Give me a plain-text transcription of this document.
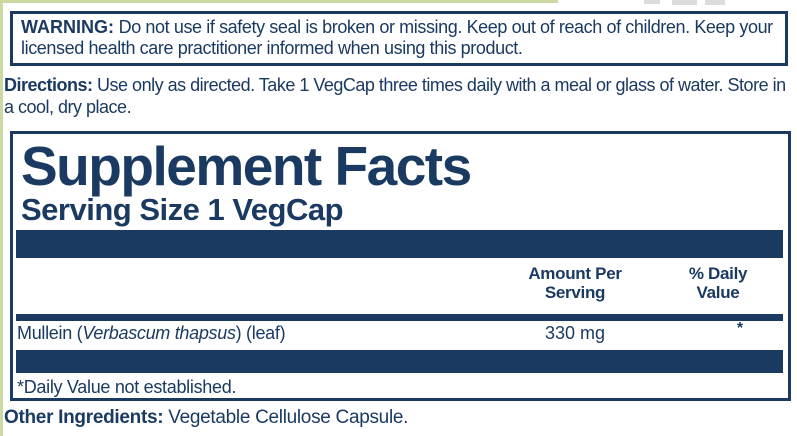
WARNING: Do not use if safety seal is broken or missing. Keep out of reach of children. Keep your licensed health care practitioner informed when using this product.

Directions: Use only as directed. Take 1 VegCap three times daily with a meal or glass of water. Store in a cool, dry place.

Supplement Facts
Serving Size 1 VegCap
Amount Per
Serving
% Daily
Value
Mullein (Verbascum thapsus) (leaf)	330 mg	*
*Daily Value not established.

Other Ingredients: Vegetable Cellulose Capsule.
